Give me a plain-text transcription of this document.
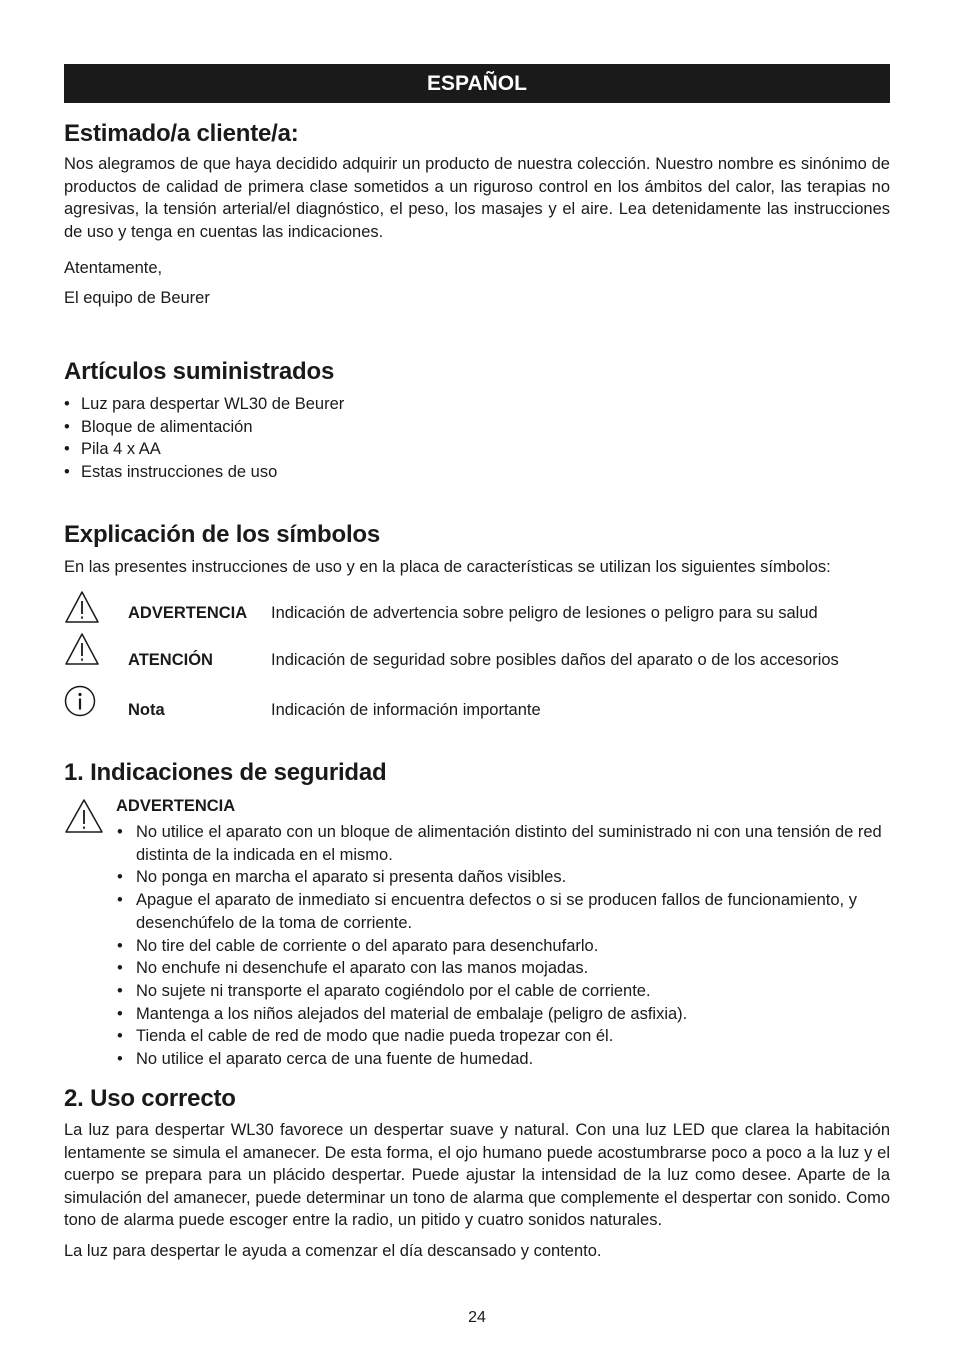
ESPAÑOL
Estimado/a cliente/a:

Nos alegramos de que haya decidido adquirir un producto de nuestra colección. Nuestro nombre es sinónimo de productos de calidad de primera clase sometidos a un riguroso control en los ámbitos del calor, las terapias no agresivas, la tensión arterial/el diagnóstico, el peso, los masajes y el aire. Lea detenidamente las instrucciones de uso y tenga en cuentas las indicaciones.

Atentamente,

El equipo de Beurer

Artículos suministrados
• Luz para despertar WL30 de Beurer
• Bloque de alimentación
• Pila 4 x AA
• Estas instrucciones de uso
Explicación de los símbolos

En las presentes instrucciones de uso y en la placa de características se utilizan los siguientes símbolos:

ADVERTENCIA Indicación de advertencia sobre peligro de lesiones o peligro para su salud
ATENCIÓN	Indicación de seguridad sobre posibles daños del aparato o de los accesorios
Nota	Indicación de información importante
1. Indicaciones de seguridad

ADVERTENCIA

• No utilice el aparato con un bloque de alimentación distinto del suministrado ni con una tensión de red distinta de la indicada en el mismo.
• No ponga en marcha el aparato si presenta daños visibles.
• Apague el aparato de inmediato si encuentra defectos o si se producen fallos de funcionamiento, y desenchúfelo de la toma de corriente.
• No tire del cable de corriente o del aparato para desenchufarlo.
• No enchufe ni desenchufe el aparato con las manos mojadas.
• No sujete ni transporte el aparato cogiéndolo por el cable de corriente.
• Mantenga a los niños alejados del material de embalaje (peligro de asfixia).
• Tienda el cable de red de modo que nadie pueda tropezar con él.
• No utilice el aparato cerca de una fuente de humedad.
2. Uso correcto

La luz para despertar WL30 favorece un despertar suave y natural. Con una luz LED que clarea la habitación lentamente se simula el amanecer. De esta forma, el ojo humano puede acostumbrarse poco a poco a la luz y el cuerpo se prepara para un plácido despertar. Puede ajustar la intensidad de la luz como desee. Aparte de la simulación del amanecer, puede determinar un tono de alarma que complemente el despertar con sonido. Como tono de alarma puede escoger entre la radio, un pitido y cuatro sonidos naturales.

La luz para despertar le ayuda a comenzar el día descansado y contento.

24
